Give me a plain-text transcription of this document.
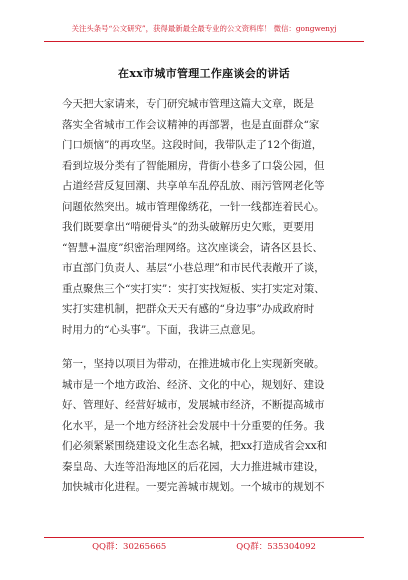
关注头条号“公文研究”，获得最新最全最专业的公文资料库！ 微信：gongwenyj
在xx市城市管理工作座谈会的讲话
今天把大家请来，专门研究城市管理这篇大文章，既是
落实全省城市工作会议精神的再部署，也是直面群众“家
门口烦恼”的再攻坚。这段时间，我带队走了12个街道，
看到垃圾分类有了智能厢房，背街小巷多了口袋公园，但
占道经营反复回潮、共享单车乱停乱放、雨污管网老化等
问题依然突出。城市管理像绣花，一针一线都连着民心。
我们既要拿出“啃硬骨头”的劲头破解历史欠账，更要用
“智慧+温度”织密治理网络。这次座谈会，请各区县长、
市直部门负责人、基层“小巷总理”和市民代表敞开了谈，
重点聚焦三个“实打实”：实打实找短板、实打实定对策、
实打实建机制，把群众天天有感的“身边事”办成政府时
时用力的“心头事”。下面，我讲三点意见。
第一，坚持以项目为带动，在推进城市化上实现新突破。
城市是一个地方政治、经济、文化的中心，规划好、建设
好、管理好、经营好城市，发展城市经济，不断提高城市
化水平，是一个地方经济社会发展中十分重要的任务。我
们必须紧紧围绕建设文化生态名城，把xx打造成省会xx和
秦皇岛、大连等沿海地区的后花园，大力推进城市建设，
加快城市化进程。一要完善城市规划。一个城市的规划不
QQ群：30265665	QQ群：535304092
